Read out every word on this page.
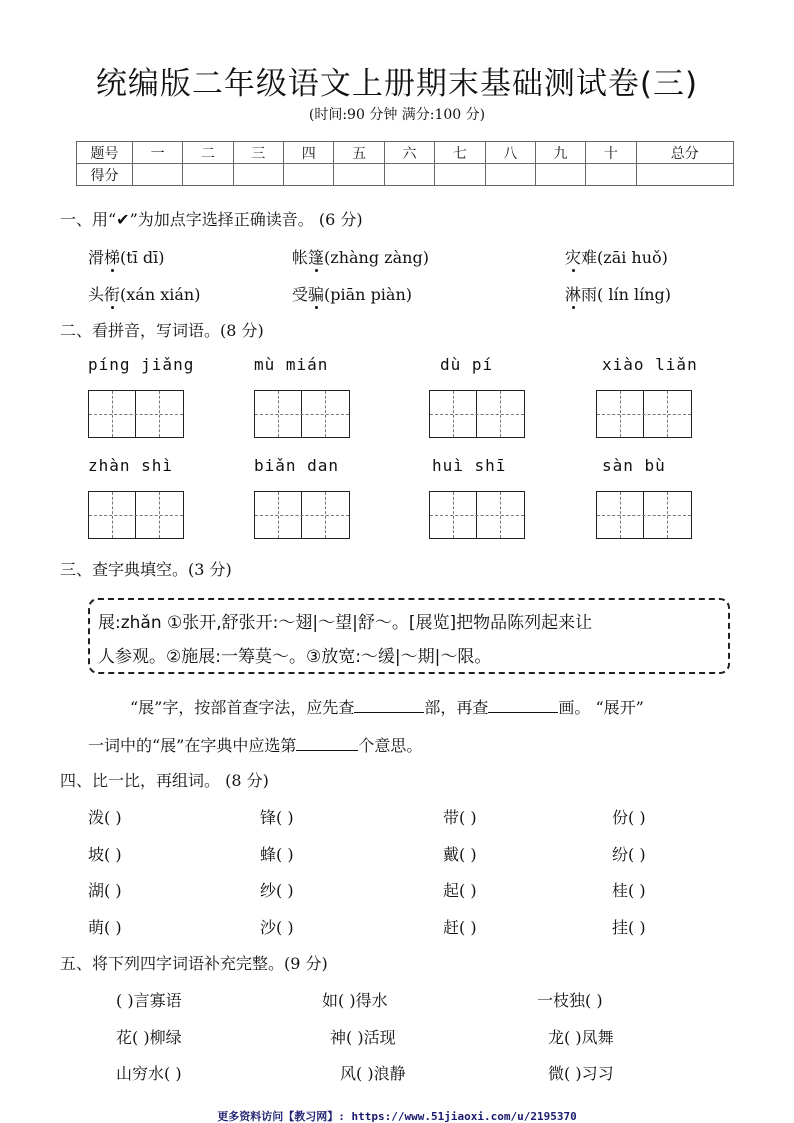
统编版二年级语文上册期末基础测试卷(三)
(时间:90 分钟 满分:100 分)
题号	一	二	三	四	五	六	七	八	九	十	总分
得分											
一、用“✔”为加点字选择正确读音。 (6 分)
滑梯(tī dī)	帐篷(zhàng zàng)	灾难(zāi huǒ)
头衔(xán xián)	受骗(piān piàn)	淋雨( lín líng)
二、看拼音，写词语。(8 分)
píng jiǎng	mù mián	dù pí	xiào liǎn
zhàn shì	biǎn dan	huì shī	sàn bù
三、查字典填空。(3 分)
展:zhǎn ①张开,舒张开:～翅|～望|舒～。[展览]把物品陈列起来让
人参观。②施展:一筹莫～。③放宽:～缓|～期|～限。
“展”字，按部首查字法，应先查	部，再查	画。 “展开”
一词中的“展”在字典中应选第	个意思。
四、比一比，再组词。 (8 分)
泼( )	锋( )	带( )	份( )
坡( )	蜂( )	戴( )	纷( )
湖( )	纱( )	起( )	桂( )
萌( )	沙( )	赶( )	挂( )
五、将下列四字词语补充完整。(9 分)
( )言寡语	如( )得水	一枝独( )
花( )柳绿	神( )活现	龙( )凤舞
山穷水( )	风( )浪静	微( )习习
更多资料访问【教习网】: https://www.51jiaoxi.com/u/2195370
